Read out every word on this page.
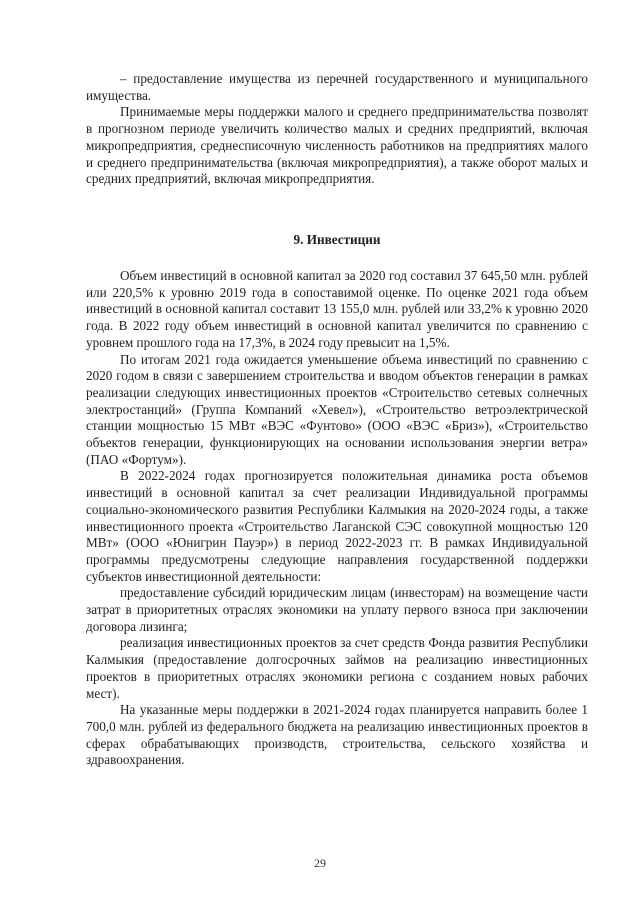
– предоставление имущества из перечней государственного и муниципального имущества.

Принимаемые меры поддержки малого и среднего предпринимательства позволят в прогнозном периоде увеличить количество малых и средних предприятий, включая микропредприятия, среднесписочную численность работников на предприятиях малого и среднего предпринимательства (включая микропредприятия), а также оборот малых и средних предприятий, включая микропредприятия.

9. Инвестиции

Объем инвестиций в основной капитал за 2020 год составил 37 645,50 млн. рублей или 220,5% к уровню 2019 года в сопоставимой оценке. По оценке 2021 года объем инвестиций в основной капитал составит 13 155,0 млн. рублей или 33,2% к уровню 2020 года. В 2022 году объем инвестиций в основной капитал увеличится по сравнению с уровнем прошлого года на 17,3%, в 2024 году превысит на 1,5%.

По итогам 2021 года ожидается уменьшение объема инвестиций по сравнению с 2020 годом в связи с завершением строительства и вводом объектов генерации в рамках реализации следующих инвестиционных проектов «Строительство сетевых солнечных электростанций» (Группа Компаний «Хевел»), «Строительство ветроэлектрической станции мощностью 15 МВт «ВЭС «Фунтово» (ООО «ВЭС «Бриз»), «Строительство объектов генерации, функционирующих на основании использования энергии ветра» (ПАО «Фортум»).

В 2022-2024 годах прогнозируется положительная динамика роста объемов инвестиций в основной капитал за счет реализации Индивидуальной программы социально-экономического развития Республики Калмыкия на 2020-2024 годы, а также инвестиционного проекта «Строительство Лаганской СЭС совокупной мощностью 120 МВт» (ООО «Юнигрин Пауэр») в период 2022-2023 гг. В рамках Индивидуальной программы предусмотрены следующие направления государственной поддержки субъектов инвестиционной деятельности:

предоставление субсидий юридическим лицам (инвесторам) на возмещение части затрат в приоритетных отраслях экономики на уплату первого взноса при заключении договора лизинга;

реализация инвестиционных проектов за счет средств Фонда развития Республики Калмыкия (предоставление долгосрочных займов на реализацию инвестиционных проектов в приоритетных отраслях экономики региона с созданием новых рабочих мест).

На указанные меры поддержки в 2021-2024 годах планируется направить более 1 700,0 млн. рублей из федерального бюджета на реализацию инвестиционных проектов в сферах обрабатывающих производств, строительства, сельского хозяйства и здравоохранения.

29
